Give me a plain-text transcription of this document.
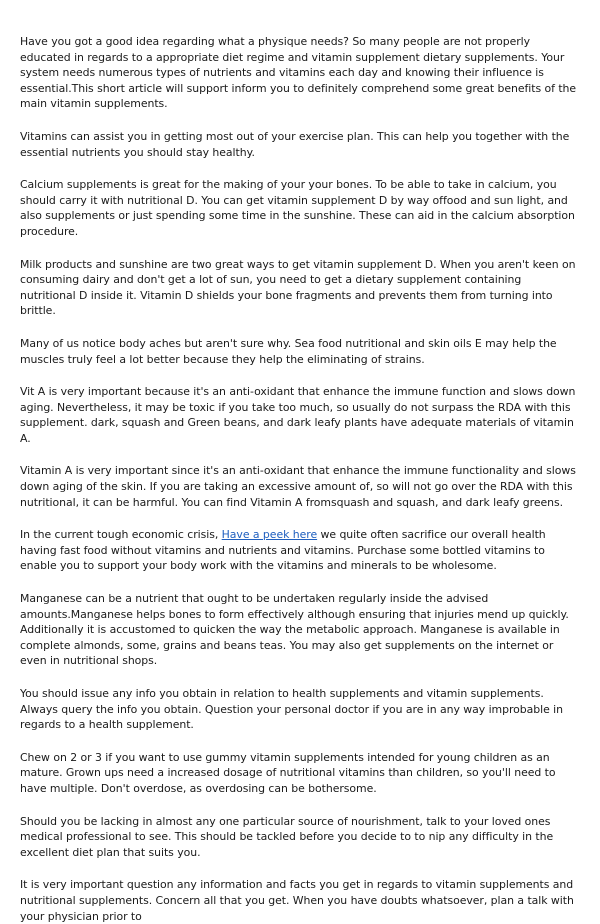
Have you got a good idea regarding what a physique needs? So many people are not properly educated in regards to a appropriate diet regime and vitamin supplement dietary supplements. Your system needs numerous types of nutrients and vitamins each day and knowing their influence is essential.This short article will support inform you to definitely comprehend some great benefits of the main vitamin supplements.

Vitamins can assist you in getting most out of your exercise plan. This can help you together with the essential nutrients you should stay healthy.

Calcium supplements is great for the making of your your bones. To be able to take in calcium, you should carry it with nutritional D. You can get vitamin supplement D by way offood and sun light, and also supplements or just spending some time in the sunshine. These can aid in the calcium absorption procedure.

Milk products and sunshine are two great ways to get vitamin supplement D. When you aren't keen on consuming dairy and don't get a lot of sun, you need to get a dietary supplement containing nutritional D inside it. Vitamin D shields your bone fragments and prevents them from turning into brittle.

Many of us notice body aches but aren't sure why. Sea food nutritional and skin oils E may help the muscles truly feel a lot better because they help the eliminating of strains.

Vit A is very important because it's an anti-oxidant that enhance the immune function and slows down aging. Nevertheless, it may be toxic if you take too much, so usually do not surpass the RDA with this supplement. dark, squash and Green beans, and dark leafy plants have adequate materials of vitamin A.

Vitamin A is very important since it's an anti-oxidant that enhance the immune functionality and slows down aging of the skin. If you are taking an excessive amount of, so will not go over the RDA with this nutritional, it can be harmful. You can find Vitamin A fromsquash and squash, and dark leafy greens.

In the current tough economic crisis, Have a peek here we quite often sacrifice our overall health having fast food without vitamins and nutrients and vitamins. Purchase some bottled vitamins to enable you to support your body work with the vitamins and minerals to be wholesome.

Manganese can be a nutrient that ought to be undertaken regularly inside the advised amounts.Manganese helps bones to form effectively although ensuring that injuries mend up quickly. Additionally it is accustomed to quicken the way the metabolic approach. Manganese is available in complete almonds, some, grains and beans teas. You may also get supplements on the internet or even in nutritional shops.

You should issue any info you obtain in relation to health supplements and vitamin supplements. Always query the info you obtain. Question your personal doctor if you are in any way improbable in regards to a health supplement.

Chew on 2 or 3 if you want to use gummy vitamin supplements intended for young children as an mature. Grown ups need a increased dosage of nutritional vitamins than children, so you'll need to have multiple. Don't overdose, as overdosing can be bothersome.

Should you be lacking in almost any one particular source of nourishment, talk to your loved ones medical professional to see. This should be tackled before you decide to to nip any difficulty in the excellent diet plan that suits you.

It is very important question any information and facts you get in regards to vitamin supplements and nutritional supplements. Concern all that you get. When you have doubts whatsoever, plan a talk with your physician prior to
